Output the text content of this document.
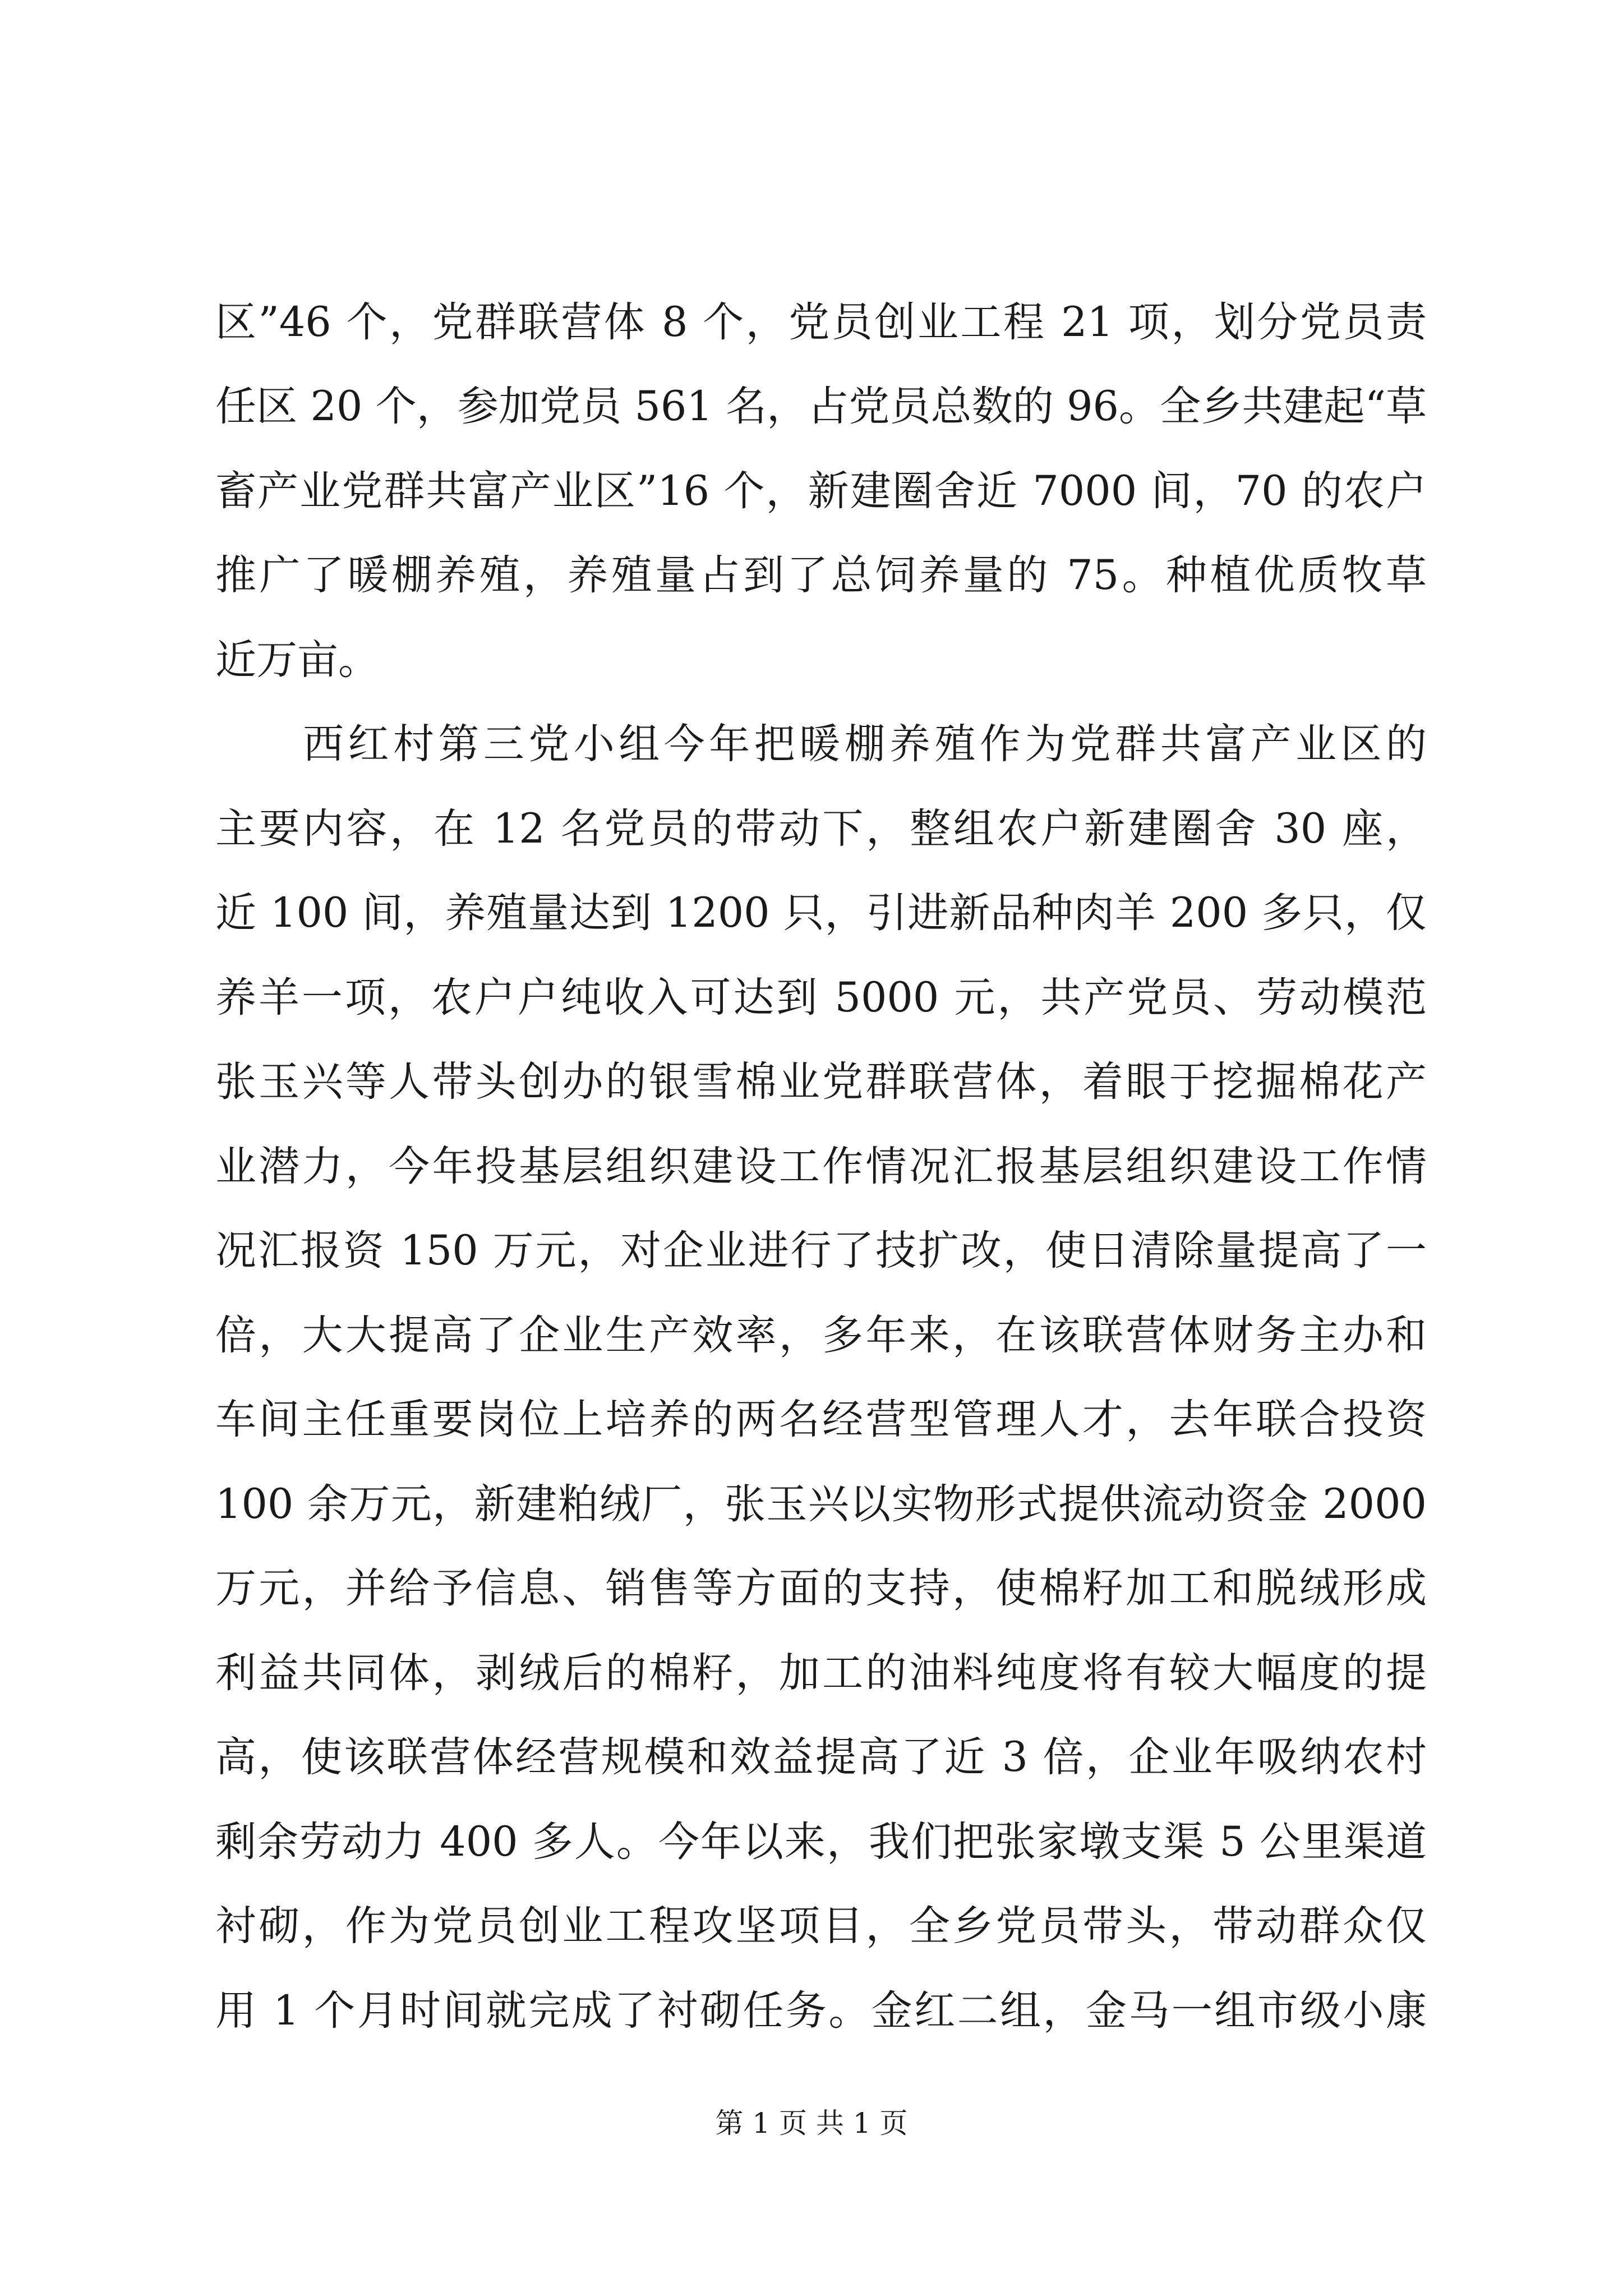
区”46 个，党群联营体 8 个，党员创业工程 21 项，划分党员责
任区 20 个，参加党员 561 名，占党员总数的 96。全乡共建起“草
畜产业党群共富产业区”16 个，新建圈舍近 7000 间，70 的农户
推广了暖棚养殖，养殖量占到了总饲养量的 75。种植优质牧草
近万亩。
西红村第三党小组今年把暖棚养殖作为党群共富产业区的
主要内容，在 12 名党员的带动下，整组农户新建圈舍 30 座，
近 100 间，养殖量达到 1200 只，引进新品种肉羊 200 多只，仅
养羊一项，农户户纯收入可达到 5000 元，共产党员、劳动模范
张玉兴等人带头创办的银雪棉业党群联营体，着眼于挖掘棉花产
业潜力，今年投基层组织建设工作情况汇报基层组织建设工作情
况汇报资 150 万元，对企业进行了技扩改，使日清除量提高了一
倍，大大提高了企业生产效率，多年来，在该联营体财务主办和
车间主任重要岗位上培养的两名经营型管理人才，去年联合投资
100 余万元，新建粕绒厂，张玉兴以实物形式提供流动资金 2000
万元，并给予信息、销售等方面的支持，使棉籽加工和脱绒形成
利益共同体，剥绒后的棉籽，加工的油料纯度将有较大幅度的提
高，使该联营体经营规模和效益提高了近 3 倍，企业年吸纳农村
剩余劳动力 400 多人。今年以来，我们把张家墩支渠 5 公里渠道
衬砌，作为党员创业工程攻坚项目，全乡党员带头，带动群众仅
用 1 个月时间就完成了衬砌任务。金红二组，金马一组市级小康
第 1 页 共 1 页
